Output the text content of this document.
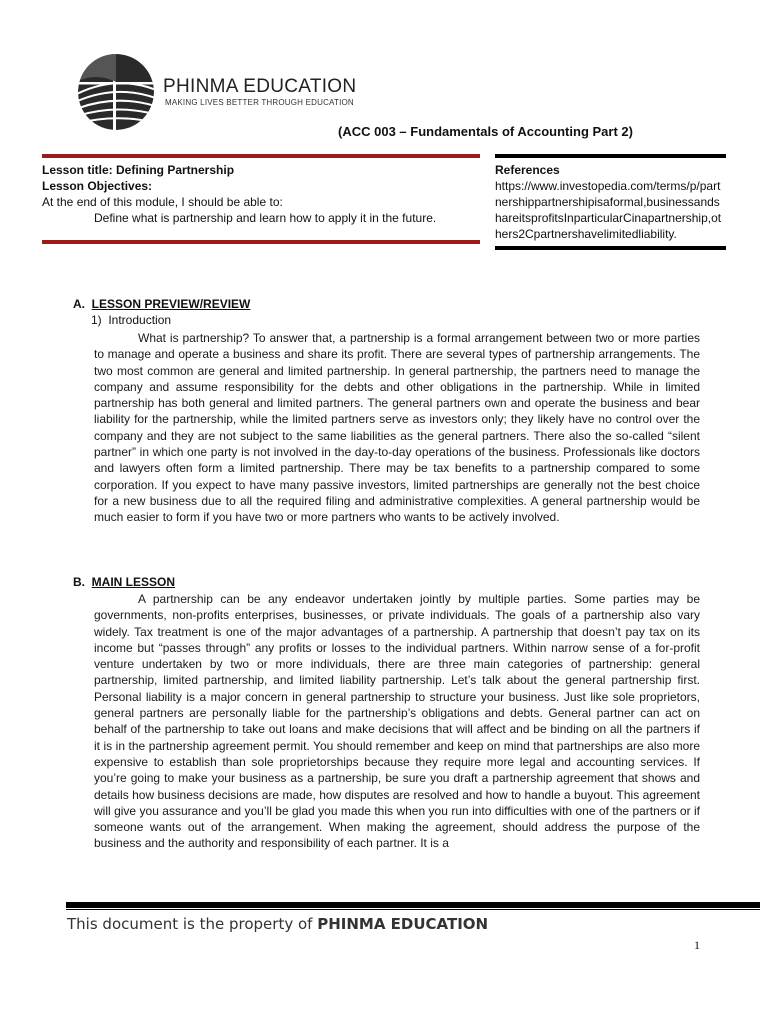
PHINMA EDUCATION
MAKING LIVES BETTER THROUGH EDUCATION
(ACC 003 – Fundamentals of Accounting Part 2)
Lesson title: Defining Partnership
Lesson Objectives:
At the end of this module, I should be able to:
Define what is partnership and learn how to apply it in the future.
References
https://www.investopedia.com/terms/p/partnershippartnershipisaformal,businessandshareitsprofitsInparticularCinapartnership,others2Cpartnershavelimitedliability.
A. LESSON PREVIEW/REVIEW
1) Introduction
What is partnership? To answer that, a partnership is a formal arrangement between two or more parties to manage and operate a business and share its profit. There are several types of partnership arrangements. The two most common are general and limited partnership. In general partnership, the partners need to manage the company and assume responsibility for the debts and other obligations in the partnership. While in limited partnership has both general and limited partners. The general partners own and operate the business and bear liability for the partnership, while the limited partners serve as investors only; they likely have no control over the company and they are not subject to the same liabilities as the general partners. There also the so-called “silent partner” in which one party is not involved in the day-to-day operations of the business. Professionals like doctors and lawyers often form a limited partnership. There may be tax benefits to a partnership compared to some corporation. If you expect to have many passive investors, limited partnerships are generally not the best choice for a new business due to all the required filing and administrative complexities. A general partnership would be much easier to form if you have two or more partners who wants to be actively involved.
B. MAIN LESSON
A partnership can be any endeavor undertaken jointly by multiple parties. Some parties may be governments, non-profits enterprises, businesses, or private individuals. The goals of a partnership also vary widely. Tax treatment is one of the major advantages of a partnership. A partnership that doesn’t pay tax on its income but “passes through” any profits or losses to the individual partners. Within narrow sense of a for-profit venture undertaken by two or more individuals, there are three main categories of partnership: general partnership, limited partnership, and limited liability partnership. Let’s talk about the general partnership first. Personal liability is a major concern in general partnership to structure your business. Just like sole proprietors, general partners are personally liable for the partnership’s obligations and debts. General partner can act on behalf of the partnership to take out loans and make decisions that will affect and be binding on all the partners if it is in the partnership agreement permit. You should remember and keep on mind that partnerships are also more expensive to establish than sole proprietorships because they require more legal and accounting services. If you’re going to make your business as a partnership, be sure you draft a partnership agreement that shows and details how business decisions are made, how disputes are resolved and how to handle a buyout. This agreement will give you assurance and you’ll be glad you made this when you run into difficulties with one of the partners or if someone wants out of the arrangement. When making the agreement, should address the purpose of the business and the authority and responsibility of each partner. It is a
This document is the property of PHINMA EDUCATION
1
